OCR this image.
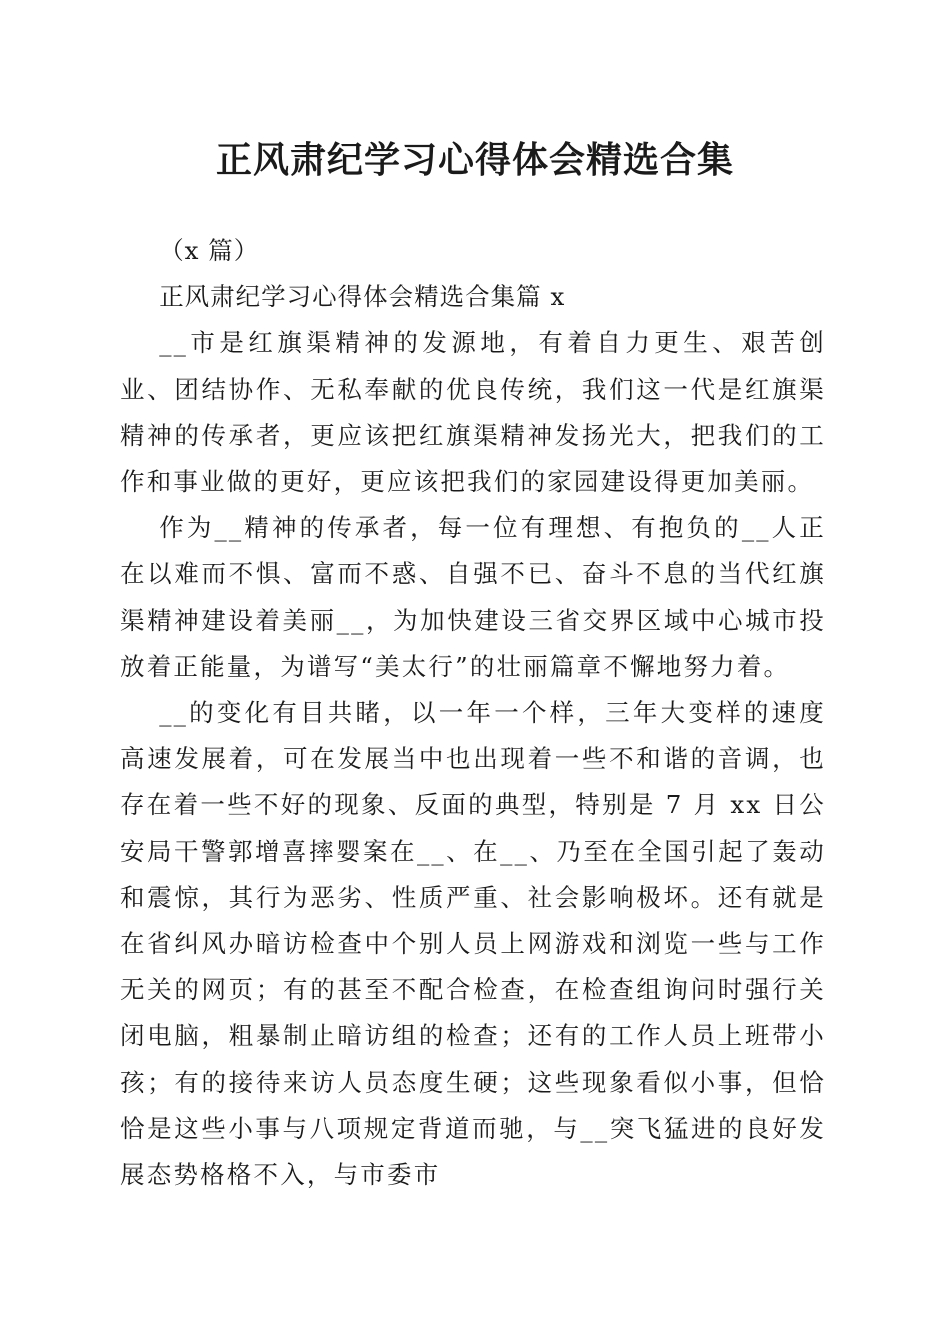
正风肃纪学习心得体会精选合集

（x 篇）

正风肃纪学习心得体会精选合集篇 x

__市是红旗渠精神的发源地，有着自力更生、艰苦创业、团结协作、无私奉献的优良传统，我们这一代是红旗渠精神的传承者，更应该把红旗渠精神发扬光大，把我们的工作和事业做的更好，更应该把我们的家园建设得更加美丽。

作为__精神的传承者，每一位有理想、有抱负的__人正在以难而不惧、富而不惑、自强不已、奋斗不息的当代红旗渠精神建设着美丽__，为加快建设三省交界区域中心城市投放着正能量，为谱写“美太行”的壮丽篇章不懈地努力着。

__的变化有目共睹，以一年一个样，三年大变样的速度高速发展着，可在发展当中也出现着一些不和谐的音调，也存在着一些不好的现象、反面的典型，特别是 7 月 xx 日公安局干警郭增喜摔婴案在__、在__、乃至在全国引起了轰动和震惊，其行为恶劣、性质严重、社会影响极坏。还有就是在省纠风办暗访检查中个别人员上网游戏和浏览一些与工作无关的网页；有的甚至不配合检查，在检查组询问时强行关闭电脑，粗暴制止暗访组的检查；还有的工作人员上班带小孩；有的接待来访人员态度生硬；这些现象看似小事，但恰恰是这些小事与八项规定背道而驰，与__突飞猛进的良好发展态势格格不入，与市委市
